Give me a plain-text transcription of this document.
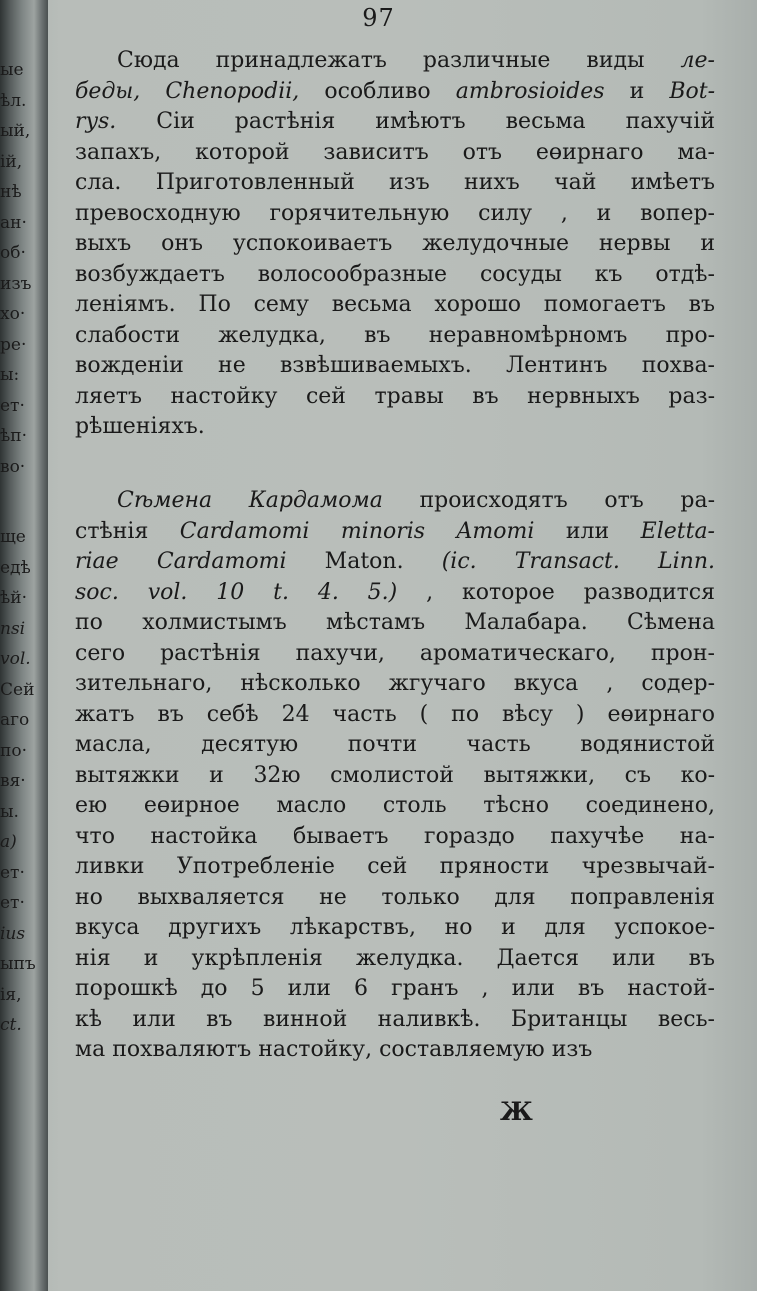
ые
ѣл.
ый,
ій,
нѣ
ан·
об·
изъ
хо·
ре·
ы:
ет·
ѣп·
во·
ще
едѣ
ѣй·
nsi
vol.
Сей
аго
по·
вя·
ы.
a)
ет·
ет·
ius
ыпъ
ія,
ct.
97
Сюда принадлежатъ различные виды ле-
беды, Chenopodii, особливо ambrosioides и Bot-
rys. Сіи растѣнія имѣютъ весьма пахучій
запахъ, которой зависитъ отъ eөирнаго ма-
сла. Приготовленный изъ нихъ чай имѣетъ
превосходную горячительную силу , и вопер-
выхъ онъ успокоиваетъ желудочные нервы и
возбуждаетъ волосообразные сосуды къ отдѣ-
леніямъ. По сему весьма хорошо помогаетъ въ
слабости желудка, въ неравномѣрномъ про-
вожденіи не взвѣшиваемыхъ. Лентинъ похва-
ляетъ настойку сей травы въ нервныхъ раз-
рѣшеніяхъ.
Сѣмена Кардамома происходятъ отъ ра-
стѣнія Cardamomi minoris Amomi или Eletta-
riae Cardamomi Maton. (ic. Transact. Linn.
soc. vol. 10 t. 4. 5.) , которое разводится
по холмистымъ мѣстамъ Малабара. Сѣмена
сего растѣнія пахучи, ароматическаго, прон-
зительнаго, нѣсколько жгучаго вкуса , содер-
жатъ въ себѣ 24 часть ( по вѣсу ) eөирнаго
масла, десятую почти часть водянистой
вытяжки и 32ю смолистой вытяжки, съ ко-
ею eөирное масло столь тѣсно соединено,
что настойка бываетъ гораздо пахучѣе на-
ливки Употребленіе сей пряности чрезвычай-
но выхваляется не только для поправленія
вкуса другихъ лѣкарствъ, но и для успокое-
нія и укрѣпленія желудка. Дается или въ
порошкѣ до 5 или 6 гранъ , или въ настой-
кѣ или въ винной наливкѣ. Британцы весь-
ма похваляютъ настойку, составляемую изъ
Ж
